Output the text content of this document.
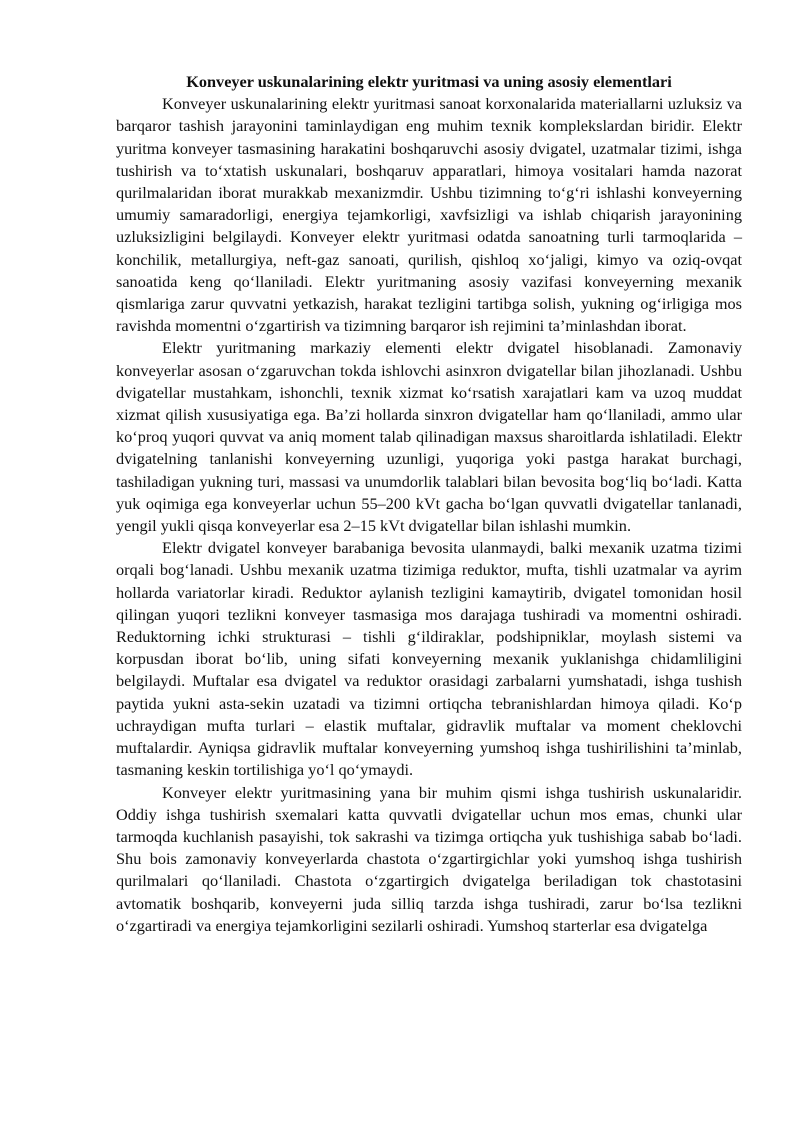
Konveyer uskunalarining elektr yuritmasi va uning asosiy elementlari

Konveyer uskunalarining elektr yuritmasi sanoat korxonalarida materiallarni uzluksiz va barqaror tashish jarayonini taminlaydigan eng muhim texnik komplekslardan biridir. Elektr yuritma konveyer tasmasining harakatini boshqaruvchi asosiy dvigatel, uzatmalar tizimi, ishga tushirish va toʻxtatish uskunalari, boshqaruv apparatlari, himoya vositalari hamda nazorat qurilmalaridan iborat murakkab mexanizmdir. Ushbu tizimning toʻgʻri ishlashi konveyerning umumiy samaradorligi, energiya tejamkorligi, xavfsizligi va ishlab chiqarish jarayonining uzluksizligini belgilaydi. Konveyer elektr yuritmasi odatda sanoatning turli tarmoqlarida – konchilik, metallurgiya, neft-gaz sanoati, qurilish, qishloq xoʻjaligi, kimyo va oziq-ovqat sanoatida keng qoʻllaniladi. Elektr yuritmaning asosiy vazifasi konveyerning mexanik qismlariga zarur quvvatni yetkazish, harakat tezligini tartibga solish, yukning ogʻirligiga mos ravishda momentni oʻzgartirish va tizimning barqaror ish rejimini taʼminlashdan iborat.

Elektr yuritmaning markaziy elementi elektr dvigatel hisoblanadi. Zamonaviy konveyerlar asosan oʻzgaruvchan tokda ishlovchi asinxron dvigatellar bilan jihozlanadi. Ushbu dvigatellar mustahkam, ishonchli, texnik xizmat koʻrsatish xarajatlari kam va uzoq muddat xizmat qilish xususiyatiga ega. Baʼzi hollarda sinxron dvigatellar ham qoʻllaniladi, ammo ular koʻproq yuqori quvvat va aniq moment talab qilinadigan maxsus sharoitlarda ishlatiladi. Elektr dvigatelning tanlanishi konveyerning uzunligi, yuqoriga yoki pastga harakat burchagi, tashiladigan yukning turi, massasi va unumdorlik talablari bilan bevosita bogʻliq boʻladi. Katta yuk oqimiga ega konveyerlar uchun 55–200 kVt gacha boʻlgan quvvatli dvigatellar tanlanadi, yengil yukli qisqa konveyerlar esa 2–15 kVt dvigatellar bilan ishlashi mumkin.

Elektr dvigatel konveyer barabaniga bevosita ulanmaydi, balki mexanik uzatma tizimi orqali bogʻlanadi. Ushbu mexanik uzatma tizimiga reduktor, mufta, tishli uzatmalar va ayrim hollarda variatorlar kiradi. Reduktor aylanish tezligini kamaytirib, dvigatel tomonidan hosil qilingan yuqori tezlikni konveyer tasmasiga mos darajaga tushiradi va momentni oshiradi. Reduktorning ichki strukturasi – tishli gʻildiraklar, podshipniklar, moylash sistemi va korpusdan iborat boʻlib, uning sifati konveyerning mexanik yuklanishga chidamliligini belgilaydi. Muftalar esa dvigatel va reduktor orasidagi zarbalarni yumshatadi, ishga tushish paytida yukni asta-sekin uzatadi va tizimni ortiqcha tebranishlardan himoya qiladi. Koʻp uchraydigan mufta turlari – elastik muftalar, gidravlik muftalar va moment cheklovchi muftalardir. Ayniqsa gidravlik muftalar konveyerning yumshoq ishga tushirilishini taʼminlab, tasmaning keskin tortilishiga yoʻl qoʻymaydi.

Konveyer elektr yuritmasining yana bir muhim qismi ishga tushirish uskunalaridir. Oddiy ishga tushirish sxemalari katta quvvatli dvigatellar uchun mos emas, chunki ular tarmoqda kuchlanish pasayishi, tok sakrashi va tizimga ortiqcha yuk tushishiga sabab boʻladi. Shu bois zamonaviy konveyerlarda chastota oʻzgartirgichlar yoki yumshoq ishga tushirish qurilmalari qoʻllaniladi. Chastota oʻzgartirgich dvigatelga beriladigan tok chastotasini avtomatik boshqarib, konveyerni juda silliq tarzda ishga tushiradi, zarur boʻlsa tezlikni oʻzgartiradi va energiya tejamkorligini sezilarli oshiradi. Yumshoq starterlar esa dvigatelga
